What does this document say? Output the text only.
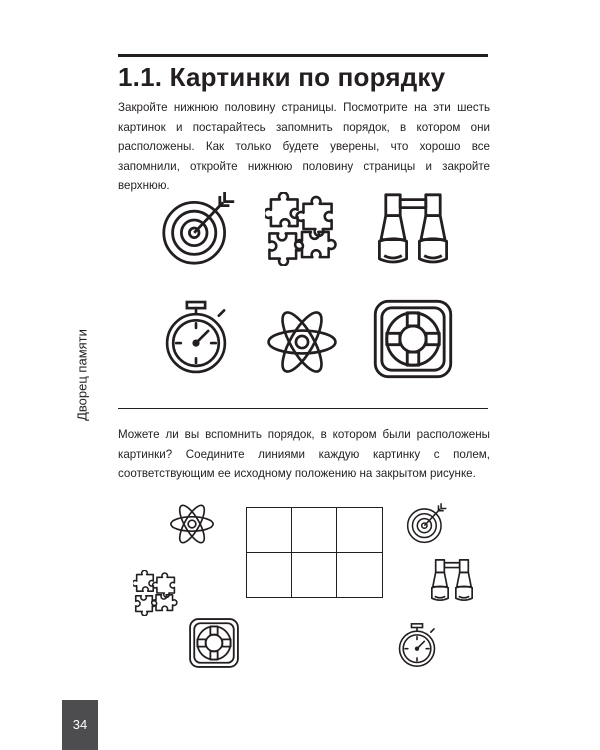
1.1. Картинки по порядку

Закройте нижнюю половину страницы. Посмотрите на эти шесть картинок и постарайтесь запомнить порядок, в котором они расположены. Как только будете уверены, что хорошо все запомнили, откройте нижнюю половину страницы и закройте верхнюю.

Можете ли вы вспомнить порядок, в котором были расположены картинки? Соедините линиями каждую картинку с полем, соответствующим ее исходному положению на закрытом рисунке.

Дворец памяти
34
